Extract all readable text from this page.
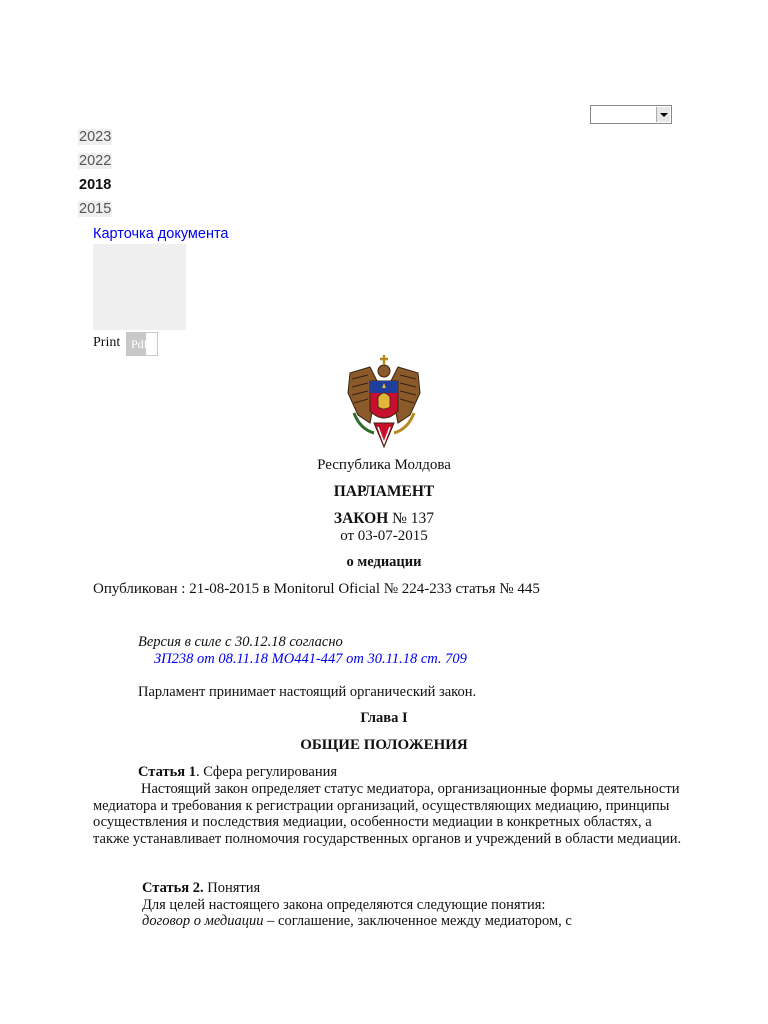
2023
2022
2018
2015
Карточка документа
Print Pdf
Республика Молдова
ПАРЛАМЕНТ
ЗАКОН № 137
от 03-07-2015
о медиации
Опубликован : 21-08-2015 в Monitorul Oficial № 224-233 статья № 445
Версия в силе с 30.12.18 согласно
ЗП238 от 08.11.18 МО441-447 от 30.11.18 ст. 709
Парламент принимает настоящий органический закон.
Глава I
ОБЩИЕ ПОЛОЖЕНИЯ
Статья 1. Сфера регулирования

Настоящий закон определяет статус медиатора, организационные формы деятельности медиатора и требования к регистрации организаций, осуществляющих медиацию, принципы осуществления и последствия медиации, особенности медиации в конкретных областях, а также устанавливает полномочия государственных органов и учреждений в области медиации.

Статья 2. Понятия
Для целей настоящего закона определяются следующие понятия:
договор о медиации – соглашение, заключенное между медиатором, с
